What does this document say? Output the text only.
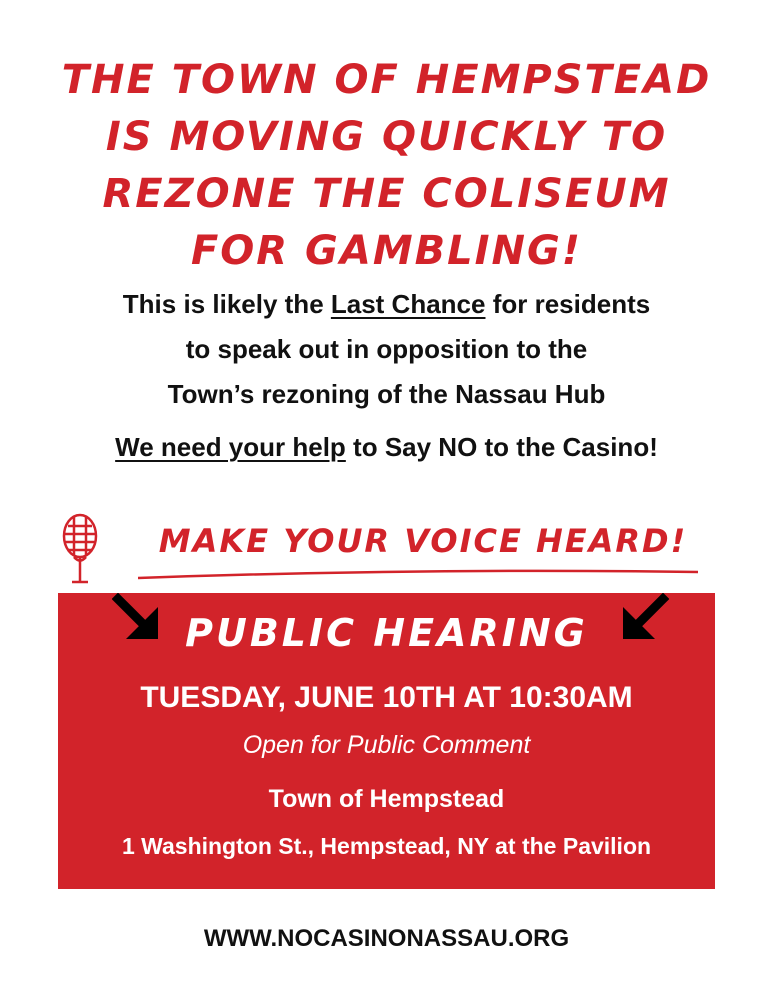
THE TOWN OF HEMPSTEAD
IS MOVING QUICKLY TO
REZONE THE COLISEUM
FOR GAMBLING!
This is likely the Last Chance for residents
to speak out in opposition to the
Town’s rezoning of the Nassau Hub
We need your help to Say NO to the Casino!
MAKE YOUR VOICE HEARD!
PUBLIC HEARING
TUESDAY, JUNE 10TH AT 10:30AM
Open for Public Comment
Town of Hempstead
1 Washington St., Hempstead, NY at the Pavilion
WWW.NOCASINONASSAU.ORG
